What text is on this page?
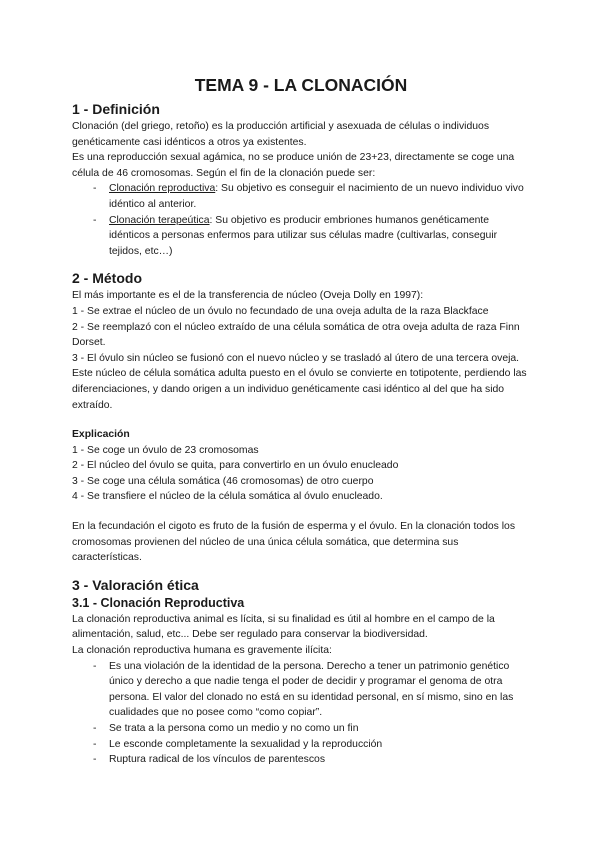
TEMA 9 - LA CLONACIÓN
1 - Definición

Clonación (del griego, retoño) es la producción artificial y asexuada de células o individuos genéticamente casi idénticos a otros ya existentes.

Es una reproducción sexual agámica, no se produce unión de 23+23, directamente se coge una célula de 46 cromosomas. Según el fin de la clonación puede ser:

-	Clonación reproductiva: Su objetivo es conseguir el nacimiento de un nuevo individuo vivo idéntico al anterior.
-	Clonación terapeútica: Su objetivo es producir embriones humanos genéticamente idénticos a personas enfermos para utilizar sus células madre (cultivarlas, conseguir tejidos, etc…)
2 - Método

El más importante es el de la transferencia de núcleo (Oveja Dolly en 1997):

1 - Se extrae el núcleo de un óvulo no fecundado de una oveja adulta de la raza Blackface

2 - Se reemplazó con el núcleo extraído de una célula somática de otra oveja adulta de raza Finn Dorset.

3 - El óvulo sin núcleo se fusionó con el nuevo núcleo y se trasladó al útero de una tercera oveja. Este núcleo de célula somática adulta puesto en el óvulo se convierte en totipotente, perdiendo las diferenciaciones, y dando origen a un individuo genéticamente casi idéntico al del que ha sido extraído.

Explicación

1 - Se coge un óvulo de 23 cromosomas

2 - El núcleo del óvulo se quita, para convertirlo en un óvulo enucleado

3 - Se coge una célula somática (46 cromosomas) de otro cuerpo

4 - Se transfiere el núcleo de la célula somática al óvulo enucleado.

En la fecundación el cigoto es fruto de la fusión de esperma y el óvulo. En la clonación todos los cromosomas provienen del núcleo de una única célula somática, que determina sus características.

3 - Valoración ética
3.1 - Clonación Reproductiva

La clonación reproductiva animal es lícita, si su finalidad es útil al hombre en el campo de la alimentación, salud, etc... Debe ser regulado para conservar la biodiversidad.

La clonación reproductiva humana es gravemente ilícita:

-	Es una violación de la identidad de la persona. Derecho a tener un patrimonio genético único y derecho a que nadie tenga el poder de decidir y programar el genoma de otra persona. El valor del clonado no está en su identidad personal, en sí mismo, sino en las cualidades que no posee como “como copiar”.
-	Se trata a la persona como un medio y no como un fin
-	Le esconde completamente la sexualidad y la reproducción
-	Ruptura radical de los vínculos de parentescos
